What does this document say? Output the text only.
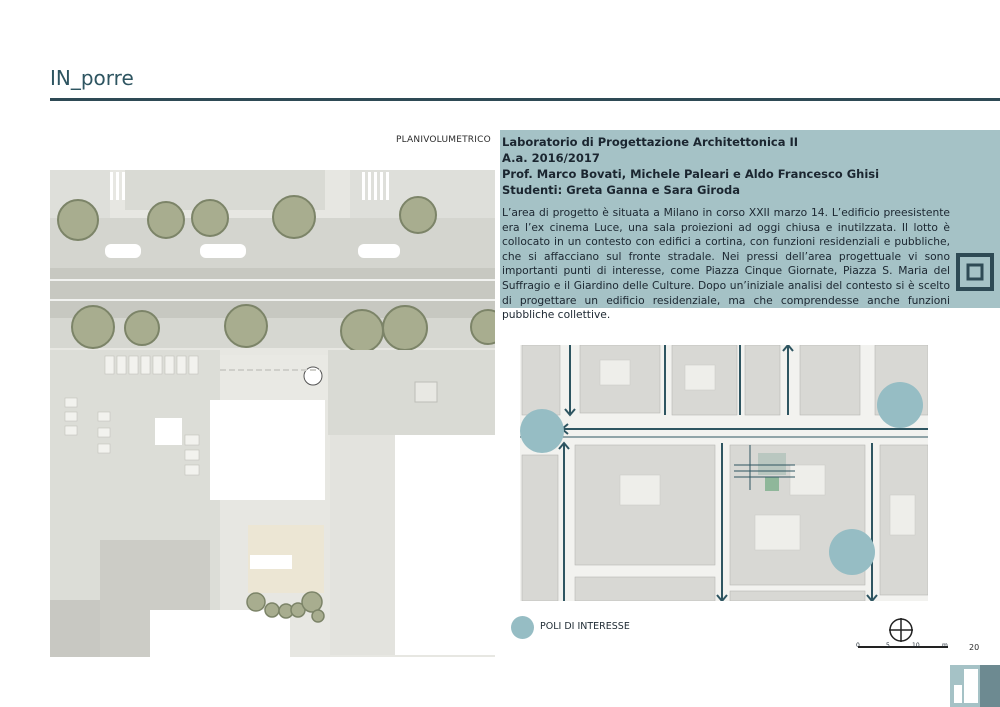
IN_porre
PLANIVOLUMETRICO Laboratorio di Progettazione Architettonica II
A.a. 2016/2017
Prof. Marco Bovati, Michele Paleari e Aldo Francesco Ghisi
Studenti: Greta Ganna e Sara Giroda
L’area di progetto è situata a Milano in corso XXII marzo 14. L’edificio preesistente era l’ex cinema Luce, una sala proiezioni ad oggi chiusa e inutilzzata. Il lotto è collocato in un contesto con edifici a cortina, con funzioni residenziali e pubbliche, che si affacciano sul fronte stradale. Nei pressi dell’area progettuale vi sono importanti punti di interesse, come Piazza Cinque Giornate, Piazza S. Maria del Suffragio e il Giardino delle Culture. Dopo un’iniziale analisi del contesto si è scelto di progettare un edificio residenziale, ma che comprendesse anche funzioni pubbliche collettive.
POLI DI INTERESSE
0	5	10	m	20
